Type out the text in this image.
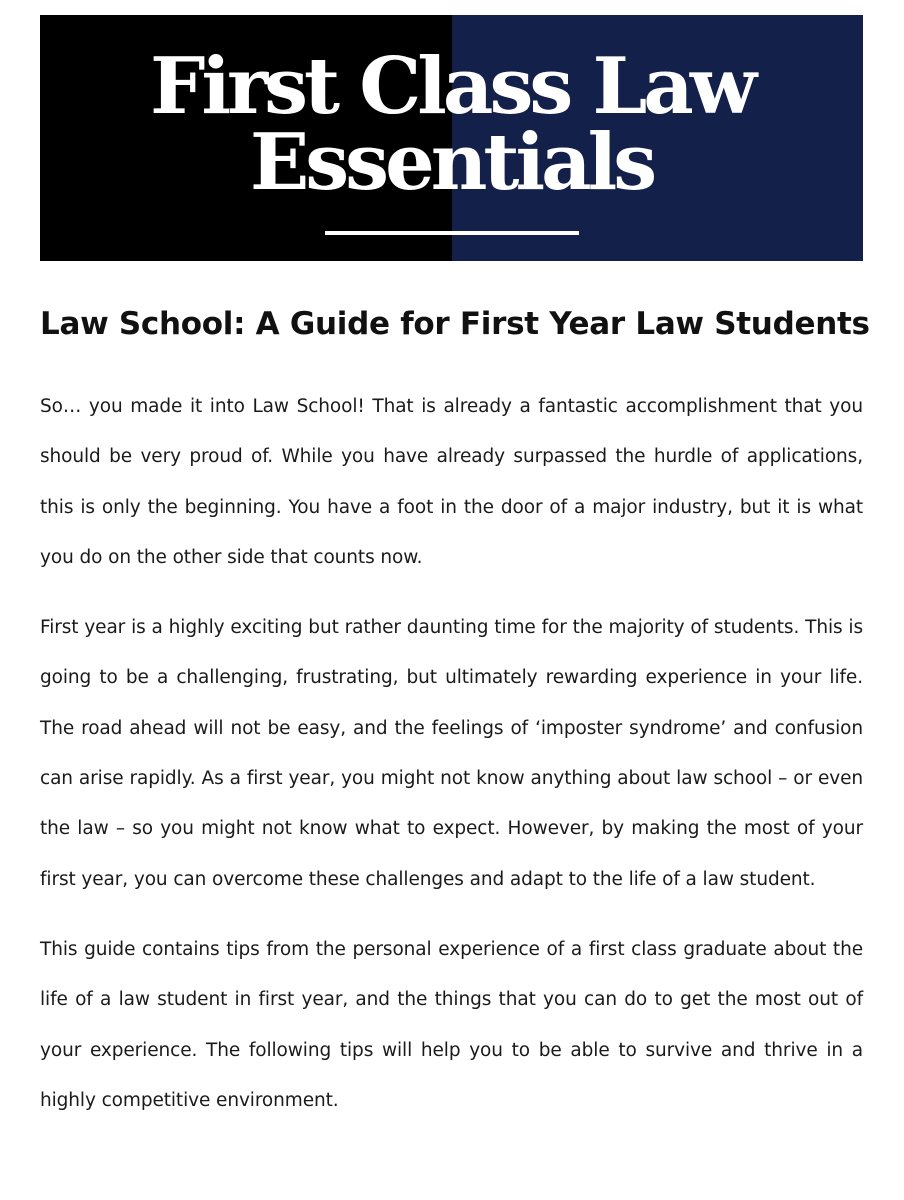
First Class Law
Essentials
Law School: A Guide for First Year Law Students

So… you made it into Law School! That is already a fantastic accomplishment that you should be very proud of. While you have already surpassed the hurdle of applications, this is only the beginning. You have a foot in the door of a major industry, but it is what you do on the other side that counts now.

First year is a highly exciting but rather daunting time for the majority of students. This is going to be a challenging, frustrating, but ultimately rewarding experience in your life. The road ahead will not be easy, and the feelings of ‘imposter syndrome’ and confusion can arise rapidly. As a first year, you might not know anything about law school – or even the law – so you might not know what to expect. However, by making the most of your first year, you can overcome these challenges and adapt to the life of a law student.

This guide contains tips from the personal experience of a first class graduate about the life of a law student in first year, and the things that you can do to get the most out of your experience. The following tips will help you to be able to survive and thrive in a highly competitive environment.
